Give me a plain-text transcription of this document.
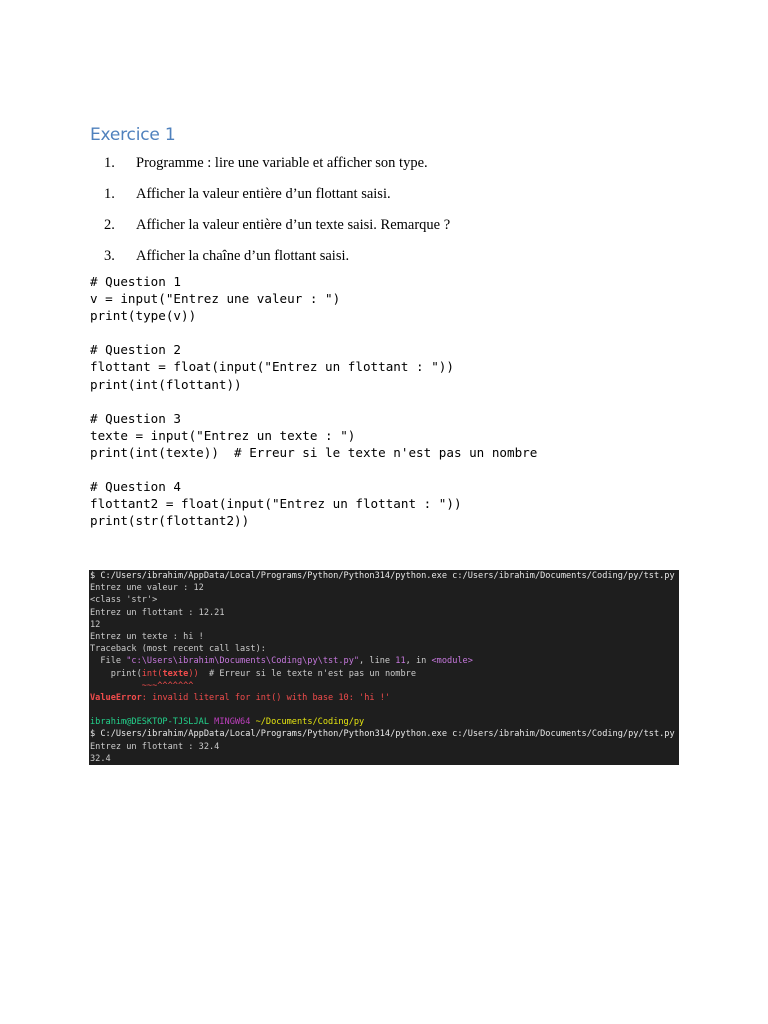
Exercice 1
1.	Programme : lire une variable et afficher son type.
1.	Afficher la valeur entière d’un flottant saisi.
2.	Afficher la valeur entière d’un texte saisi. Remarque ?
3.	Afficher la chaîne d’un flottant saisi.
# Question 1
v = input("Entrez une valeur : ")
print(type(v))
# Question 2
flottant = float(input("Entrez un flottant : "))
print(int(flottant))
# Question 3
texte = input("Entrez un texte : ")
print(int(texte))  # Erreur si le texte n'est pas un nombre
# Question 4
flottant2 = float(input("Entrez un flottant : "))
print(str(flottant2))
$ C:/Users/ibrahim/AppData/Local/Programs/Python/Python314/python.exe c:/Users/ibrahim/Documents/Coding/py/tst.py
Entrez une valeur : 12
<class 'str'>
Entrez un flottant : 12.21
12
Entrez un texte : hi !
Traceback (most recent call last):
File "c:\Users\ibrahim\Documents\Coding\py\tst.py", line 11, in <module>
print(int(texte))  # Erreur si le texte n'est pas un nombre
~~~^^^^^^^
ValueError: invalid literal for int() with base 10: 'hi !'
ibrahim@DESKTOP-TJSLJAL MINGW64 ~/Documents/Coding/py
$ C:/Users/ibrahim/AppData/Local/Programs/Python/Python314/python.exe c:/Users/ibrahim/Documents/Coding/py/tst.py
Entrez un flottant : 32.4
32.4
